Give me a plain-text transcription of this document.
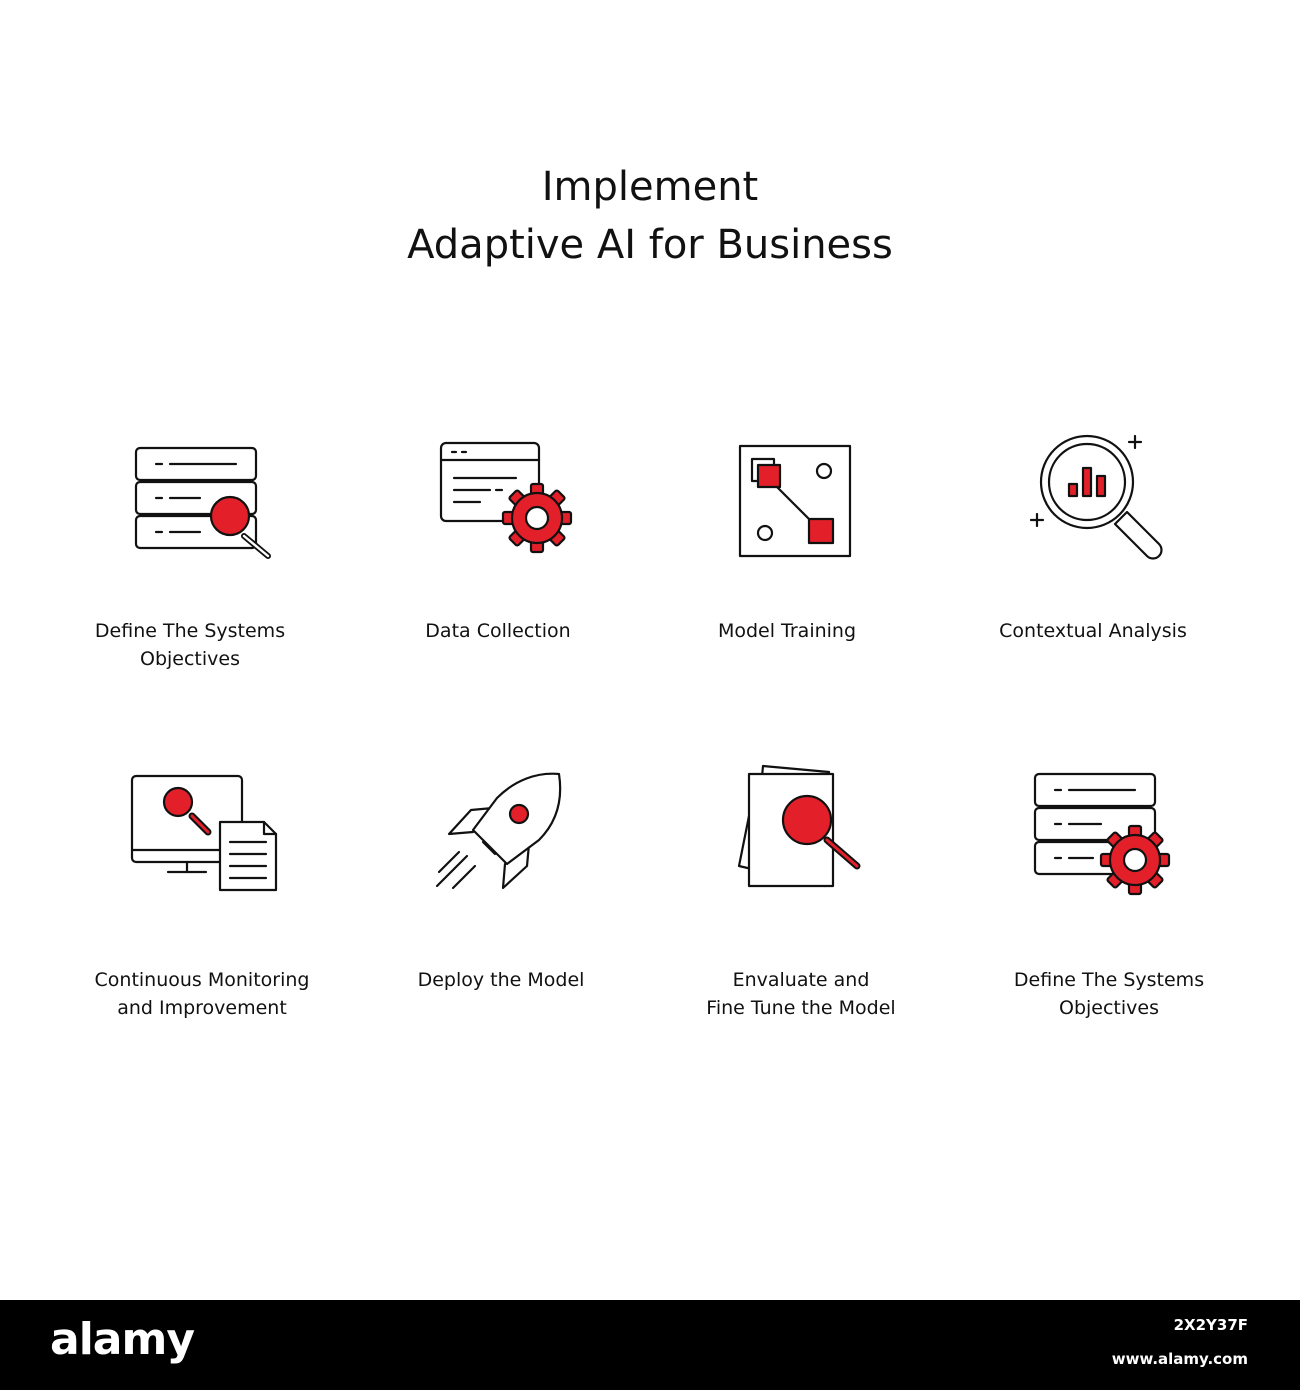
Implement
Adaptive AI for Business
Define The Systems
Objectives
Data Collection	Model Training	Contextual Analysis
Continuous Monitoring
and Improvement
Deploy the Model	Envaluate and
Fine Tune the Model
Define The Systems
Objectives
alamy	2X2Y37F
www.alamy.com
